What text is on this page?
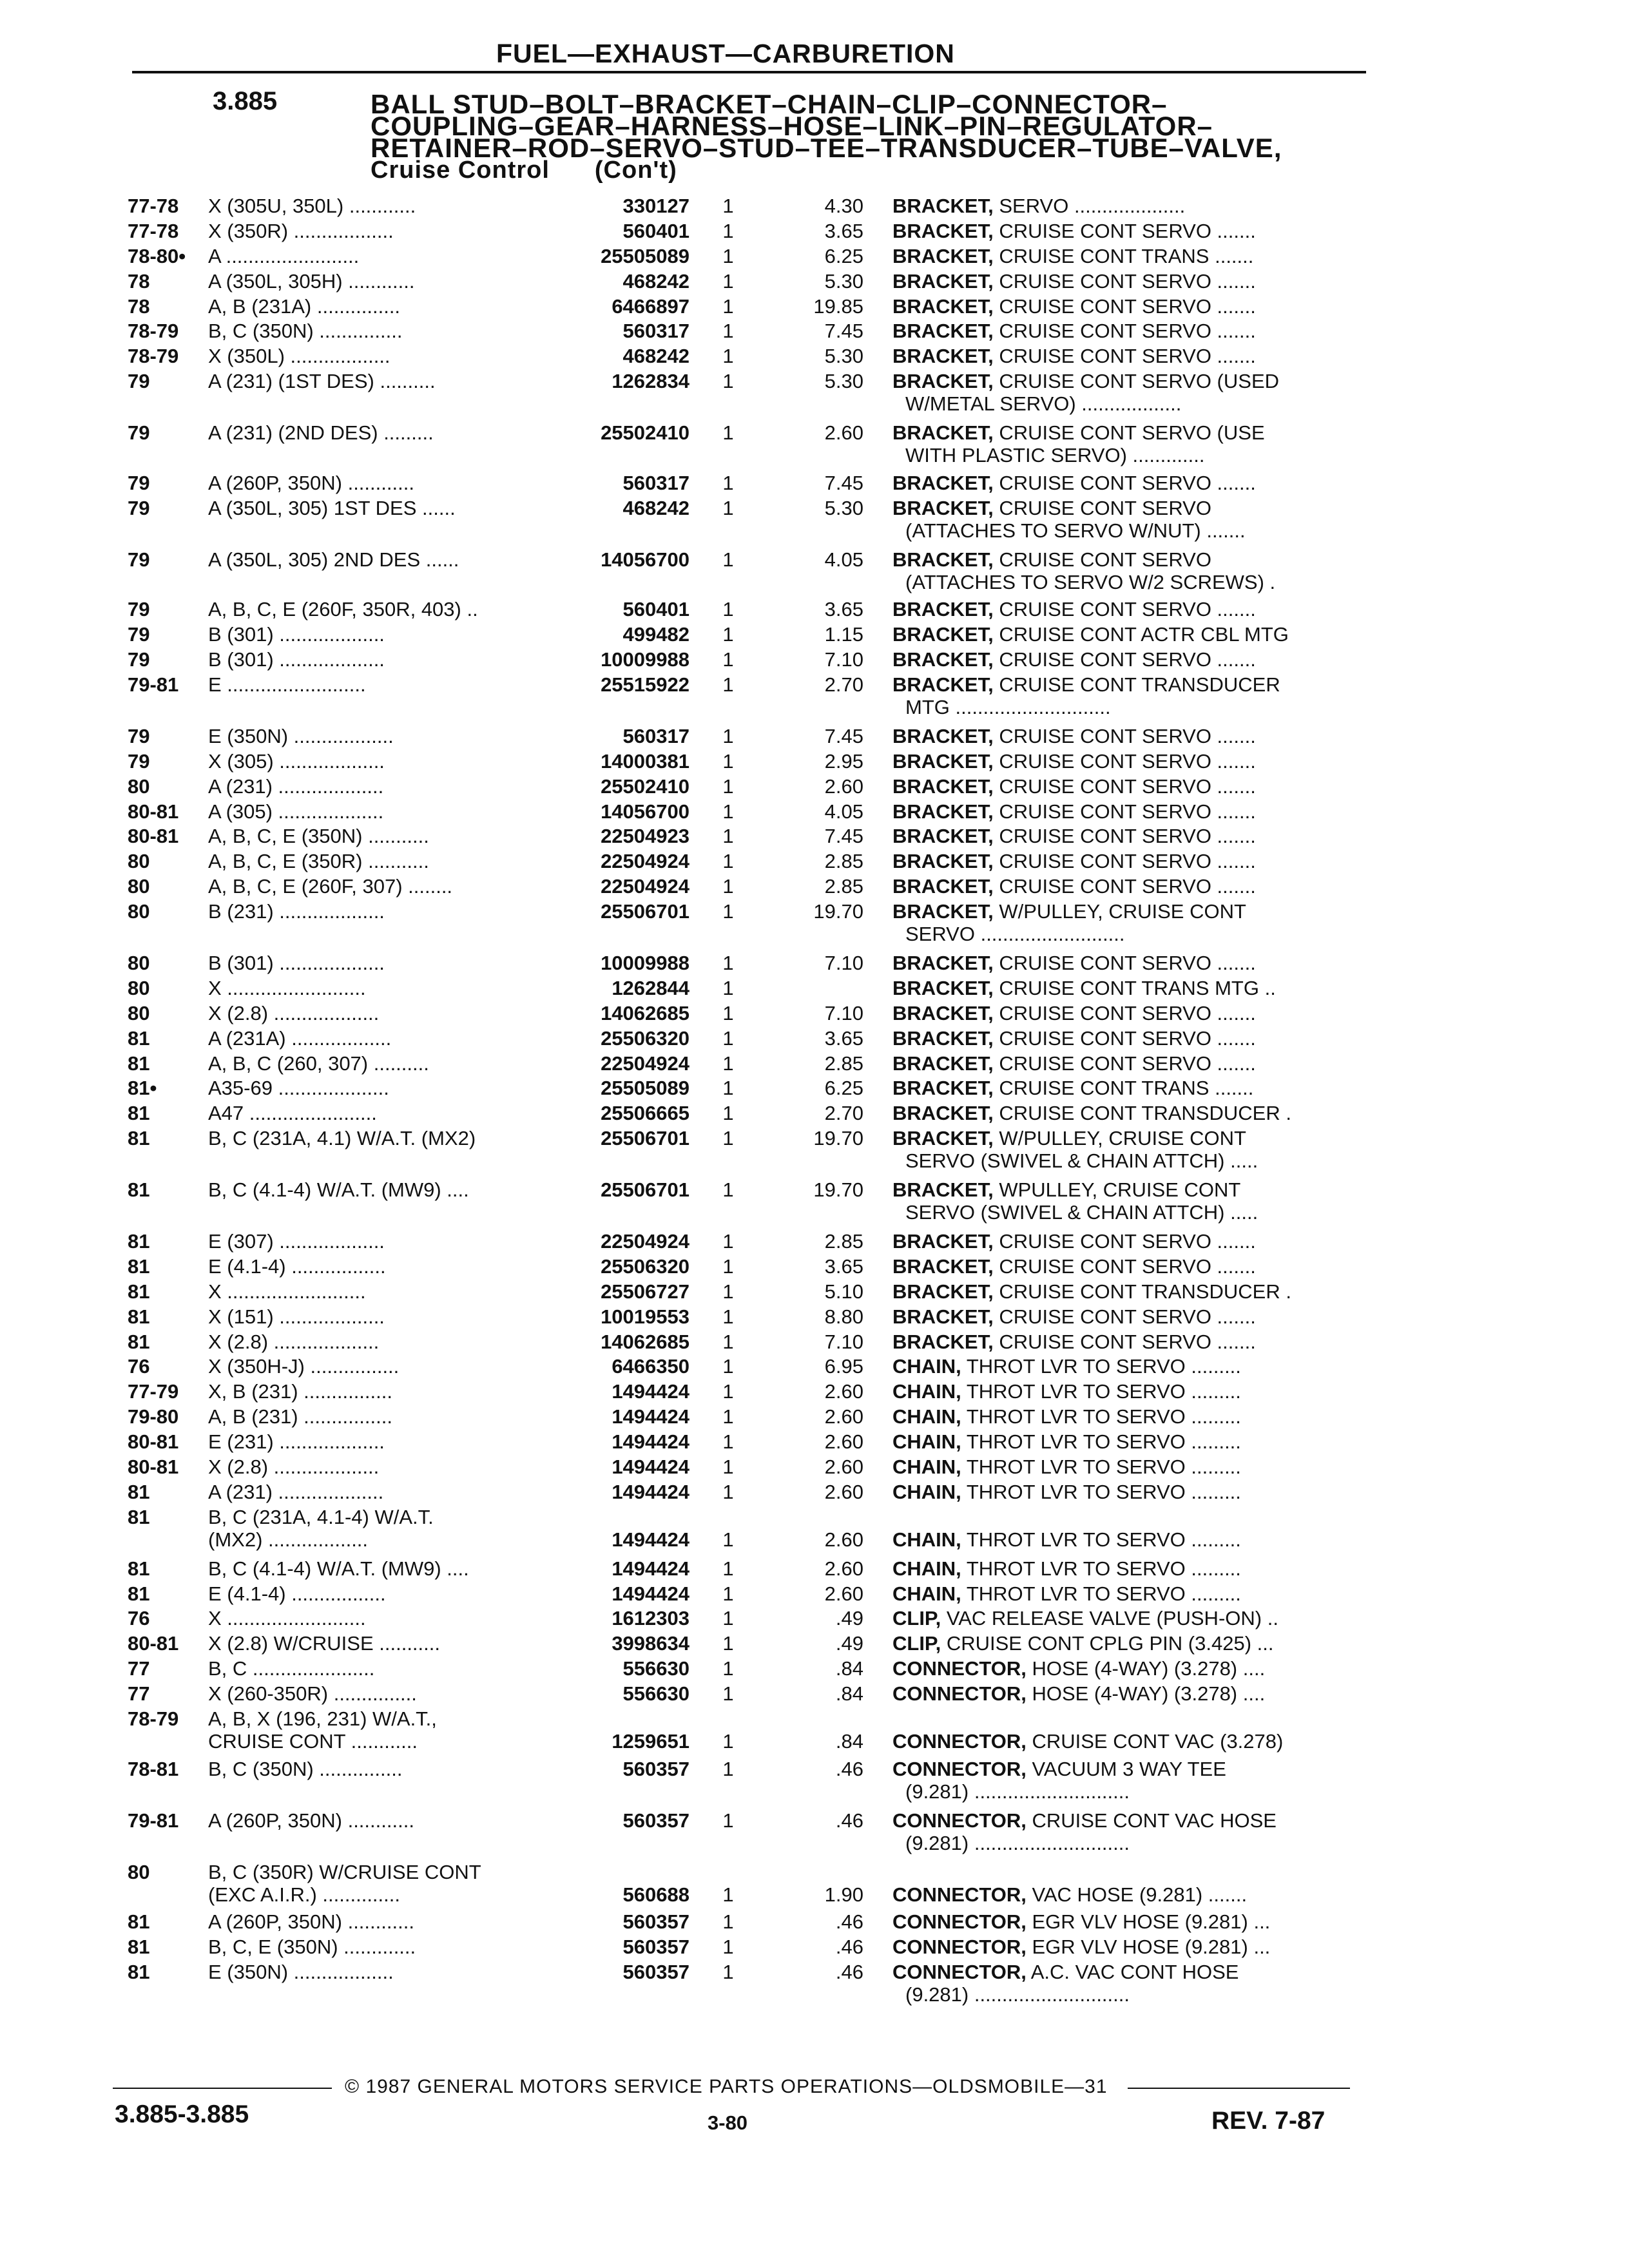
FUEL—EXHAUST—CARBURETION
3.885	BALL STUD–BOLT–BRACKET–CHAIN–CLIP–CONNECTOR–
COUPLING–GEAR–HARNESS–HOSE–LINK–PIN–REGULATOR–
RETAINER–ROD–SERVO–STUD–TEE–TRANSDUCER–TUBE–VALVE,
Cruise Control (Con't)
77-78	X (305U, 350L) ............	330127	1	4.30 BRACKET, SERVO ....................
77-78	X (350R) ..................	560401	1	3.65 BRACKET, CRUISE CONT SERVO .......
78-80•	A ........................	25505089	1	6.25 BRACKET, CRUISE CONT TRANS .......
78	A (350L, 305H) ............	468242	1	5.30 BRACKET, CRUISE CONT SERVO .......
78	A, B (231A) ...............	6466897	1	19.85 BRACKET, CRUISE CONT SERVO .......
78-79	B, C (350N) ...............	560317	1	7.45 BRACKET, CRUISE CONT SERVO .......
78-79	X (350L) ..................	468242	1	5.30 BRACKET, CRUISE CONT SERVO .......
79	A (231) (1ST DES) ..........	1262834	1	5.30 BRACKET, CRUISE CONT SERVO (USED
W/METAL SERVO) ..................
79	A (231) (2ND DES) .........	25502410	1	2.60 BRACKET, CRUISE CONT SERVO (USE
WITH PLASTIC SERVO) .............
79	A (260P, 350N) ............	560317	1	7.45 BRACKET, CRUISE CONT SERVO .......
79	A (350L, 305) 1ST DES ......	468242	1	5.30 BRACKET, CRUISE CONT SERVO
(ATTACHES TO SERVO W/NUT) .......
79	A (350L, 305) 2ND DES ......	14056700	1	4.05 BRACKET, CRUISE CONT SERVO
(ATTACHES TO SERVO W/2 SCREWS) .
79	A, B, C, E (260F, 350R, 403) ..	560401	1	3.65 BRACKET, CRUISE CONT SERVO .......
79	B (301) ...................	499482	1	1.15 BRACKET, CRUISE CONT ACTR CBL MTG
79	B (301) ...................	10009988	1	7.10 BRACKET, CRUISE CONT SERVO .......
79-81	E .........................	25515922	1	2.70 BRACKET, CRUISE CONT TRANSDUCER
MTG ............................
79	E (350N) ..................	560317	1	7.45 BRACKET, CRUISE CONT SERVO .......
79	X (305) ...................	14000381	1	2.95 BRACKET, CRUISE CONT SERVO .......
80	A (231) ...................	25502410	1	2.60 BRACKET, CRUISE CONT SERVO .......
80-81	A (305) ...................	14056700	1	4.05 BRACKET, CRUISE CONT SERVO .......
80-81	A, B, C, E (350N) ...........	22504923	1	7.45 BRACKET, CRUISE CONT SERVO .......
80	A, B, C, E (350R) ...........	22504924	1	2.85 BRACKET, CRUISE CONT SERVO .......
80	A, B, C, E (260F, 307) ........	22504924	1	2.85 BRACKET, CRUISE CONT SERVO .......
80	B (231) ...................	25506701	1	19.70 BRACKET, W/PULLEY, CRUISE CONT
SERVO ..........................
80	B (301) ...................	10009988	1	7.10 BRACKET, CRUISE CONT SERVO .......
80	X .........................	1262844	1	BRACKET, CRUISE CONT TRANS MTG ..
80	X (2.8) ...................	14062685	1	7.10 BRACKET, CRUISE CONT SERVO .......
81	A (231A) ..................	25506320	1	3.65 BRACKET, CRUISE CONT SERVO .......
81	A, B, C (260, 307) ..........	22504924	1	2.85 BRACKET, CRUISE CONT SERVO .......
81•	A35-69 ....................	25505089	1	6.25 BRACKET, CRUISE CONT TRANS .......
81	A47 .......................	25506665	1	2.70 BRACKET, CRUISE CONT TRANSDUCER .
81	B, C (231A, 4.1) W/A.T. (MX2)	25506701	1	19.70 BRACKET, W/PULLEY, CRUISE CONT
SERVO (SWIVEL & CHAIN ATTCH) .....
81	B, C (4.1-4) W/A.T. (MW9) ....	25506701	1	19.70 BRACKET, WPULLEY, CRUISE CONT
SERVO (SWIVEL & CHAIN ATTCH) .....
81	E (307) ...................	22504924	1	2.85 BRACKET, CRUISE CONT SERVO .......
81	E (4.1-4) .................	25506320	1	3.65 BRACKET, CRUISE CONT SERVO .......
81	X .........................	25506727	1	5.10 BRACKET, CRUISE CONT TRANSDUCER .
81	X (151) ...................	10019553	1	8.80 BRACKET, CRUISE CONT SERVO .......
81	X (2.8) ...................	14062685	1	7.10 BRACKET, CRUISE CONT SERVO .......
76	X (350H-J) ................	6466350	1	6.95 CHAIN, THROT LVR TO SERVO .........
77-79	X, B (231) ................	1494424	1	2.60 CHAIN, THROT LVR TO SERVO .........
79-80	A, B (231) ................	1494424	1	2.60 CHAIN, THROT LVR TO SERVO .........
80-81	E (231) ...................	1494424	1	2.60 CHAIN, THROT LVR TO SERVO .........
80-81	X (2.8) ...................	1494424	1	2.60 CHAIN, THROT LVR TO SERVO .........
81	A (231) ...................	1494424	1	2.60 CHAIN, THROT LVR TO SERVO .........
81	B, C (231A, 4.1-4) W/A.T.
(MX2) ..................	1494424	1	2.60 CHAIN, THROT LVR TO SERVO .........
81	B, C (4.1-4) W/A.T. (MW9) ....	1494424	1	2.60 CHAIN, THROT LVR TO SERVO .........
81	E (4.1-4) .................	1494424	1	2.60 CHAIN, THROT LVR TO SERVO .........
76	X .........................	1612303	1	.49 CLIP, VAC RELEASE VALVE (PUSH-ON) ..
80-81	X (2.8) W/CRUISE ...........	3998634	1	.49 CLIP, CRUISE CONT CPLG PIN (3.425) ...
77	B, C ......................	556630	1	.84 CONNECTOR, HOSE (4-WAY) (3.278) ....
77	X (260-350R) ...............	556630	1	.84 CONNECTOR, HOSE (4-WAY) (3.278) ....
78-79	A, B, X (196, 231) W/A.T.,
CRUISE CONT ............	1259651	1	.84 CONNECTOR, CRUISE CONT VAC (3.278)
78-81	B, C (350N) ...............	560357	1	.46 CONNECTOR, VACUUM 3 WAY TEE
(9.281) ............................
79-81	A (260P, 350N) ............	560357	1	.46 CONNECTOR, CRUISE CONT VAC HOSE
(9.281) ............................
80	B, C (350R) W/CRUISE CONT
(EXC A.I.R.) ..............	560688	1	1.90 CONNECTOR, VAC HOSE (9.281) .......
81	A (260P, 350N) ............	560357	1	.46 CONNECTOR, EGR VLV HOSE (9.281) ...
81	B, C, E (350N) .............	560357	1	.46 CONNECTOR, EGR VLV HOSE (9.281) ...
81	E (350N) ..................	560357	1	.46 CONNECTOR, A.C. VAC CONT HOSE
(9.281) ............................
© 1987 GENERAL MOTORS SERVICE PARTS OPERATIONS—OLDSMOBILE—31
3.885-3.885	3-80	REV. 7-87
